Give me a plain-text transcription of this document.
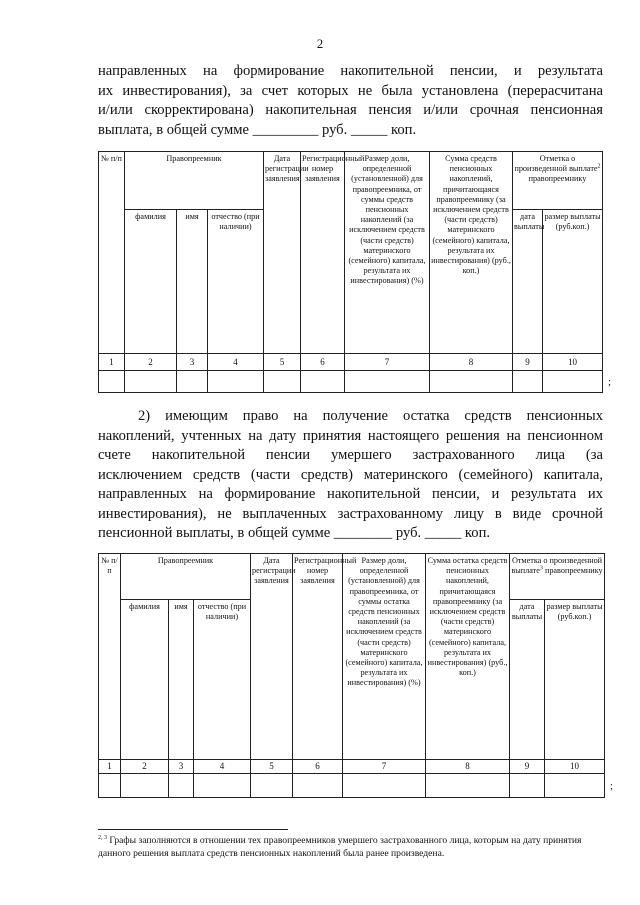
2
направленных на формирование накопительной пенсии, и результата
их инвестирования), за счет которых не была установлена (перерасчитана
и/или скорректирована) накопительная пенсия и/или срочная пенсионная
выплата, в общей сумме _________ руб. _____ коп.
№ п/п	Правопреемник			Дата регистрации заявления	Регистрационный номер заявления	Размер доли, определенной (установленной) для правопреемника, от суммы средств пенсионных накоплений (за исключением средств (части средств) материнского (семейного) капитала, результата их инвестирования) (%)	Сумма средств пенсионных накоплений, причитающаяся правопреемнику (за исключением средств (части средств) материнского (семейного) капитала, результата их инвестирования) (руб., коп.)	Отметка о произведенной выплате$^2$ правопреемнику	
	фамилия	имя	отчество (при наличии)					дата выплаты	размер выплаты (руб.коп.)
1	2	3	4	5	6	7	8	9	10

;
2) имеющим право на получение остатка средств пенсионных
накоплений, учтенных на дату принятия настоящего решения на пенсионном
счете накопительной пенсии умершего застрахованного лица (за
исключением средств (части средств) материнского (семейного) капитала,
направленных на формирование накопительной пенсии, и результата их
инвестирования), не выплаченных застрахованному лицу в виде срочной
пенсионной выплаты, в общей сумме ________ руб. _____ коп.
№ п/ п	Правопреемник			Дата регистрации заявления	Регистрационный номер заявления	Размер доли, определенной (установленной) для правопреемника, от суммы остатка средств пенсионных накоплений (за исключением средств (части средств) материнского (семейного) капитала, результата их инвестирования) (%)	Сумма остатка средств пенсионных накоплений, причитающаяся правопреемнику (за исключением средств (части средств) материнского (семейного) капитала, результата их инвестирования) (руб., коп.)	Отметка о произведенной выплате$^3$ правопреемнику	
	фамилия	имя	отчество (при наличии)					дата выплаты	размер выплаты (руб.коп.)
1	2	3	4	5	6	7	8	9	10

;
$^{2, 3}$ Графы заполняются в отношении тех правопреемников умершего застрахованного лица, которым на дату принятия данного решения выплата средств пенсионных накоплений была ранее произведена.
